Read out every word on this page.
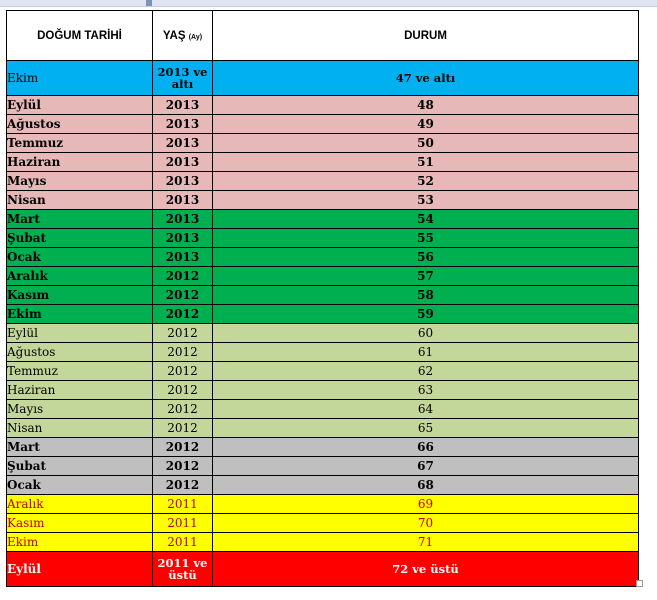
DOĞUM TARİHİ	YAŞ (Ay)	DURUM	
Ekim	2013 ve altı	47 ve altı	
Eylül	2013	48	
Ağustos	2013	49	
Temmuz	2013	50	
Haziran	2013	51	
Mayıs	2013	52	
Nisan	2013	53	
Mart	2013	54	
Şubat	2013	55	
Ocak	2013	56	
Aralık	2012	57	
Kasım	2012	58	
Ekim	2012	59	
Eylül	2012	60	
Ağustos	2012	61	
Temmuz	2012	62	
Haziran	2012	63	
Mayıs	2012	64	
Nisan	2012	65	
Mart	2012	66	
Şubat	2012	67	
Ocak	2012	68	
Aralık	2011	69	
Kasım	2011	70	
Ekim	2011	71	
Eylül	2011 ve üstü	72 ve üstü	
